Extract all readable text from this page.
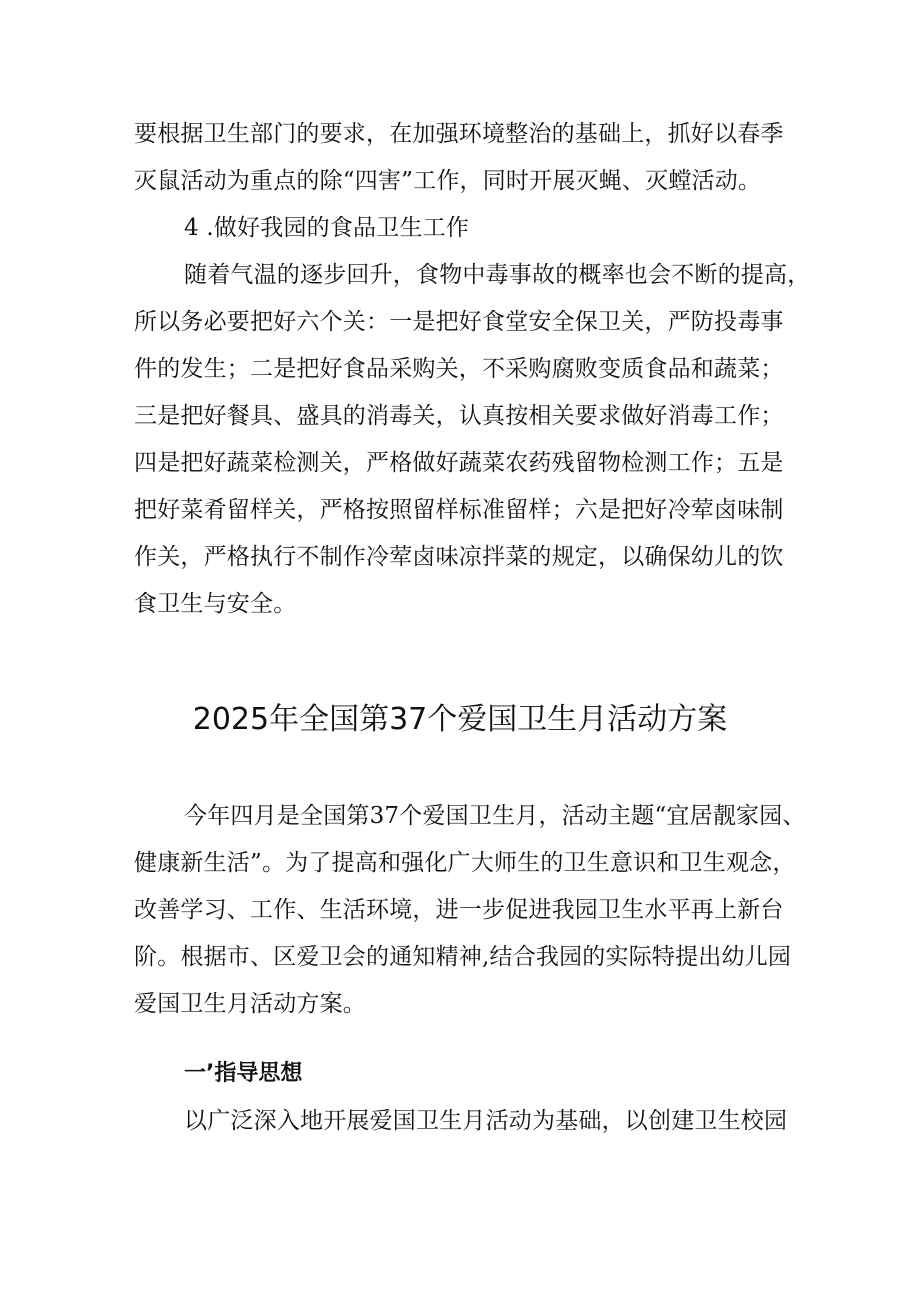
要根据卫生部门的要求，在加强环境整治的基础上，抓好以春季
灭鼠活动为重点的除“四害”工作，同时开展灭蝇、灭螳活动。
4 .做好我园的食品卫生工作
随着气温的逐步回升，食物中毒事故的概率也会不断的提高，
所以务必要把好六个关：一是把好食堂安全保卫关，严防投毒事
件的发生；二是把好食品采购关，不采购腐败变质食品和蔬菜；
三是把好餐具、盛具的消毒关，认真按相关要求做好消毒工作；
四是把好蔬菜检测关，严格做好蔬菜农药残留物检测工作；五是
把好菜肴留样关，严格按照留样标准留样；六是把好冷荤卤味制
作关，严格执行不制作冷荤卤味凉拌菜的规定，以确保幼儿的饮
食卫生与安全。
2025年全国第37个爱国卫生月活动方案
今年四月是全国第37个爱国卫生月，活动主题“宜居靓家园、
健康新生活”。为了提高和强化广大师生的卫生意识和卫生观念，
改善学习、工作、生活环境，进一步促进我园卫生水平再上新台
阶。根据市、区爱卫会的通知精神,结合我园的实际特提出幼儿园
爱国卫生月活动方案。
一’指导思想
以广泛深入地开展爱国卫生月活动为基础，以创建卫生校园
